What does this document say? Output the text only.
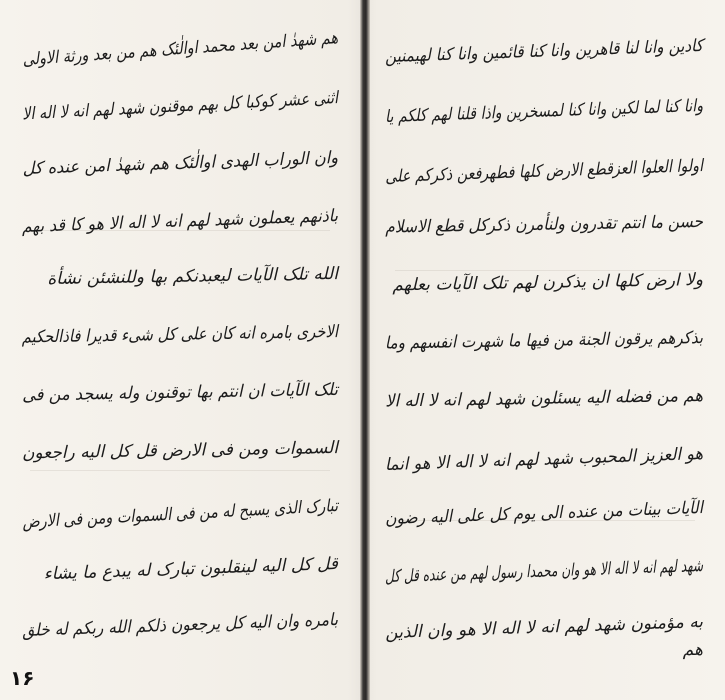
هم شهدٰ امن بعد محمد اوالٰئک هم من بعد ورثة الاولی
اثنی عشر کوکبا کل بهم موقنون شهد لهم انه لا اله الا
وان الوراب الهدی اوالٰئک هم شهدٰ امن عنده کل
باذنهم یعملون شهد لهم انه لا اله الا هو کا قد بهم
الله تلک الآیات لیعبدنکم بها وللنشئن نشأة
الاخری بامره انه کان علی کل شیء قدیرا فاذالحکیم
تلک الآیات ان انتم بها توقنون وله یسجد من فی
السموات ومن فی الارض قل کل الیه راجعون
تبارک الذی یسبح له من فی السموات ومن فی الارض
قل کل الیه لینقلبون تبارک له یبدع ما یشاء
بامره وان الیه کل یرجعون ذلکم الله ربکم له خلق
۱۶
کادین وانا لنا قاهرین وانا کنا قائمین وانا کنا لهیمنین
وانا کنا لما لکین وانا کنا لمسخرین واذا قلنا لهم کلکم یا
اولوا العلوا العزقطع الارض کلها فطهرفعن ذکرکم علی
حسن ما انتم تقدرون ولنأمرن ذکرکل قطع الاسلام
ولا ارض کلها ان یذکرن لهم تلک الآیات بعلهم
بذکرهم یرقون الجنة من فیها ما شهرت انفسهم وما
هم من فضله الیه یسئلون شهد لهم انه لا اله الا
هو العزیز المحبوب شهد لهم انه لا اله الا هو انما
الآیات بینات من عنده الی یوم کل علی الیه رضون
شهد لهم انه لا اله الا هو وان محمدا رسول لهم من عنده قل کل
به مؤمنون شهد لهم انه لا اله الا هو وان الذین
هم
